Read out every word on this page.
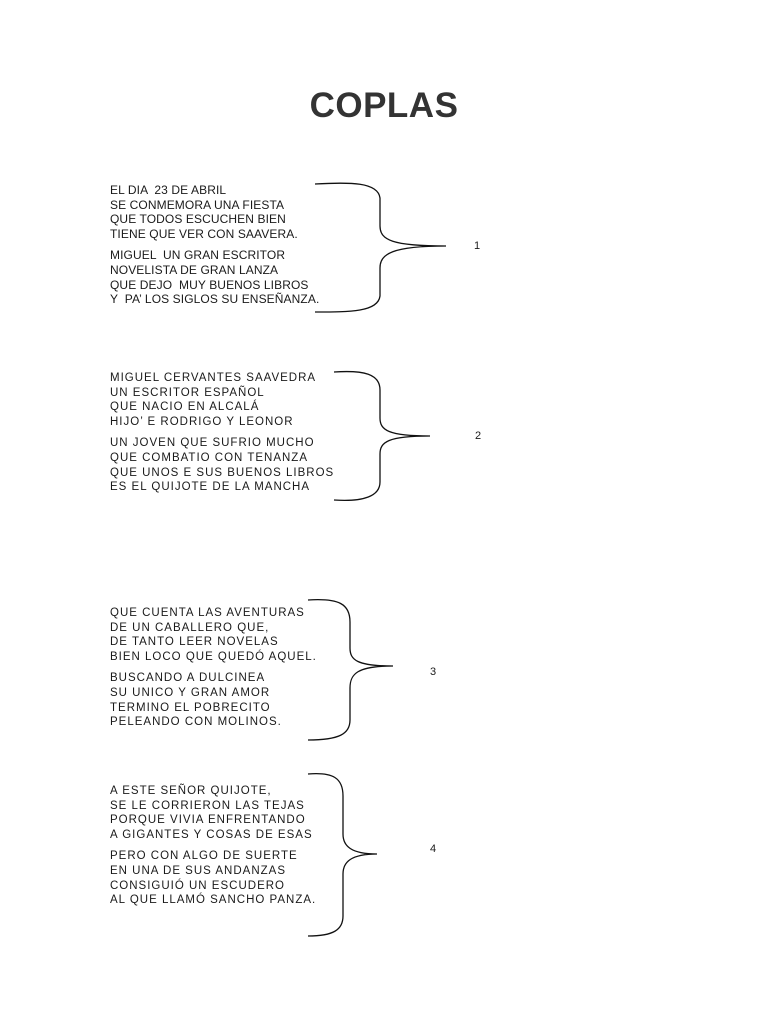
COPLAS
EL DIA  23 DE ABRIL
SE CONMEMORA UNA FIESTA
QUE TODOS ESCUCHEN BIEN
TIENE QUE VER CON SAAVERA.
MIGUEL  UN GRAN ESCRITOR
NOVELISTA DE GRAN LANZA
QUE DEJO  MUY BUENOS LIBROS
Y  PA’ LOS SIGLOS SU ENSEÑANZA.
1
MIGUEL CERVANTES SAAVEDRA
UN ESCRITOR ESPAÑOL
QUE NACIO EN ALCALÁ
HIJO’ E RODRIGO Y LEONOR
UN JOVEN QUE SUFRIO MUCHO
QUE COMBATIO CON TENANZA
QUE UNOS E SUS BUENOS LIBROS
ES EL QUIJOTE DE LA MANCHA
2
QUE CUENTA LAS AVENTURAS
DE UN CABALLERO QUE,
DE TANTO LEER NOVELAS
BIEN LOCO QUE QUEDÓ AQUEL.
BUSCANDO A DULCINEA
SU UNICO Y GRAN AMOR
TERMINO EL POBRECITO
PELEANDO CON MOLINOS.
3
A ESTE SEÑOR QUIJOTE,
SE LE CORRIERON LAS TEJAS
PORQUE VIVIA ENFRENTANDO
A GIGANTES Y COSAS DE ESAS
PERO CON ALGO DE SUERTE
EN UNA DE SUS ANDANZAS
CONSIGUIÓ UN ESCUDERO
AL QUE LLAMÓ SANCHO PANZA.
4
